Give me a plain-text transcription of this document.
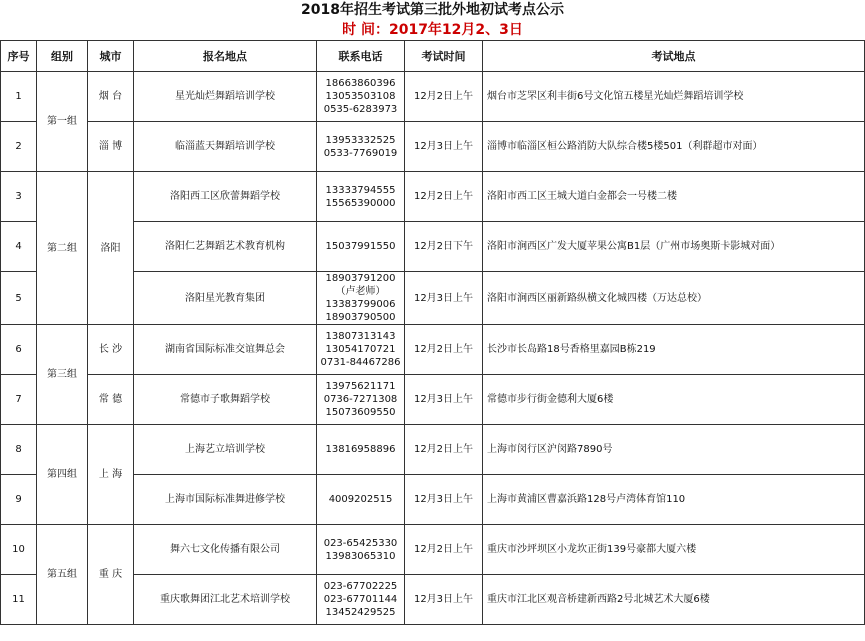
2018年招生考试第三批外地初试考点公示
时 间：2017年12月2、3日
序号	组别	城市	报名地点	联系电话	考试时间	考试地点
1	第一组	烟 台	星光灿烂舞蹈培训学校	18663860396
13053503108
0535-6283973	12月2日上午	烟台市芝罘区利丰街6号文化馆五楼星光灿烂舞蹈培训学校
2		淄 博	临淄蓝天舞蹈培训学校	13953332525
0533-7769019	12月3日上午	淄博市临淄区桓公路消防大队综合楼5楼501（利群超市对面）
3	第二组	洛阳	洛阳西工区欣蕾舞蹈学校	13333794555
15565390000	12月2日上午	洛阳市西工区王城大道白金都会一号楼二楼
4			洛阳仁艺舞蹈艺术教育机构	15037991550	12月2日下午	洛阳市涧西区广发大厦苹果公寓B1层（广州市场奥斯卡影城对面）
5			洛阳星光教育集团	18903791200
（卢老师）
13383799006
18903790500	12月3日上午	洛阳市涧西区丽新路纵横文化城四楼（万达总校）
6	第三组	长 沙	湖南省国际标准交谊舞总会	13807313143
13054170721
0731-84467286	12月2日上午	长沙市长岛路18号香格里嘉园B栋219
7		常 德	常德市子歌舞蹈学校	13975621171
0736-7271308
15073609550	12月3日上午	常德市步行街金德利大厦6楼
8	第四组	上 海	上海艺立培训学校	13816958896	12月2日上午	上海市闵行区沪闵路7890号
9			上海市国际标准舞进修学校	4009202515	12月3日上午	上海市黄浦区曹嘉浜路128号卢湾体育馆110
10	第五组	重 庆	舞六七文化传播有限公司	023-65425330
13983065310	12月2日上午	重庆市沙坪坝区小龙坎正街139号豪都大厦六楼
11			重庆歌舞团江北艺术培训学校	023-67702225
023-67701144
13452429525	12月3日上午	重庆市江北区观音桥建新西路2号北城艺术大厦6楼
